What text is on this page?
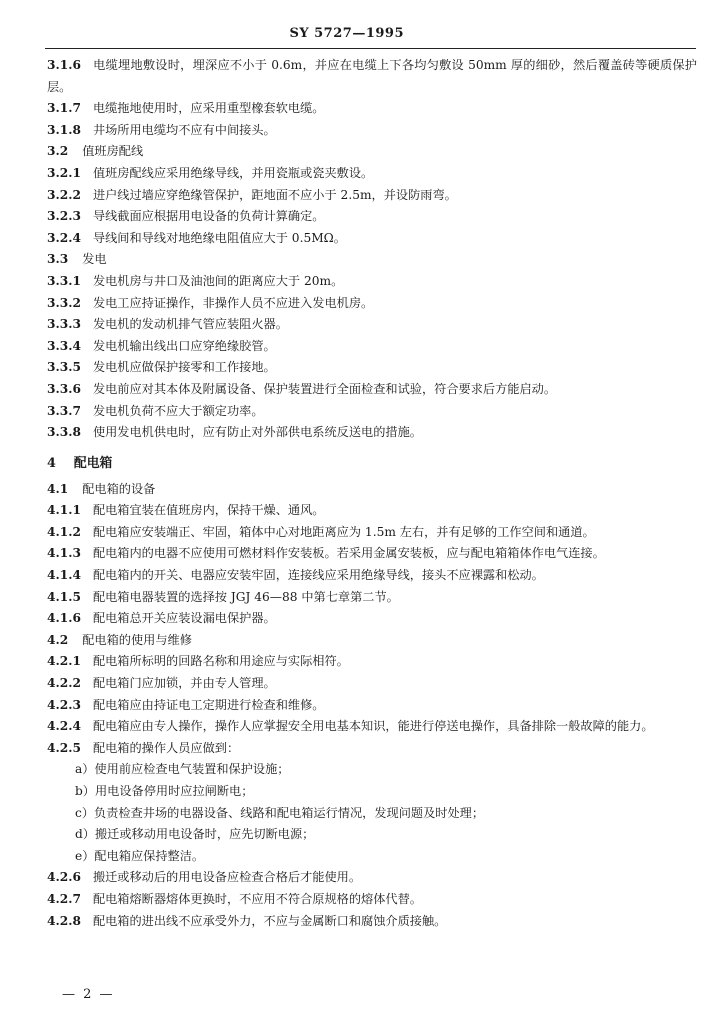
SY 5727—1995
3.1.6 电缆埋地敷设时，埋深应不小于 0.6m，并应在电缆上下各均匀敷设 50mm 厚的细砂，然后覆盖砖等硬质保护层。
3.1.7 电缆拖地使用时，应采用重型橡套软电缆。
3.1.8 井场所用电缆均不应有中间接头。
3.2 值班房配线
3.2.1 值班房配线应采用绝缘导线，并用瓷瓶或瓷夹敷设。
3.2.2 进户线过墙应穿绝缘管保护，距地面不应小于 2.5m，并设防雨弯。
3.2.3 导线截面应根据用电设备的负荷计算确定。
3.2.4 导线间和导线对地绝缘电阻值应大于 0.5MΩ。
3.3 发电
3.3.1 发电机房与井口及油池间的距离应大于 20m。
3.3.2 发电工应持证操作，非操作人员不应进入发电机房。
3.3.3 发电机的发动机排气管应装阻火器。
3.3.4 发电机输出线出口应穿绝缘胶管。
3.3.5 发电机应做保护接零和工作接地。
3.3.6 发电前应对其本体及附属设备、保护装置进行全面检查和试验，符合要求后方能启动。
3.3.7 发电机负荷不应大于额定功率。
3.3.8 使用发电机供电时，应有防止对外部供电系统反送电的措施。
4 配电箱
4.1 配电箱的设备
4.1.1 配电箱宜装在值班房内，保持干燥、通风。
4.1.2 配电箱应安装端正、牢固，箱体中心对地距离应为 1.5m 左右，并有足够的工作空间和通道。
4.1.3 配电箱内的电器不应使用可燃材料作安装板。若采用金属安装板，应与配电箱箱体作电气连接。
4.1.4 配电箱内的开关、电器应安装牢固，连接线应采用绝缘导线，接头不应裸露和松动。
4.1.5 配电箱电器装置的选择按 JGJ 46—88 中第七章第二节。
4.1.6 配电箱总开关应装设漏电保护器。
4.2 配电箱的使用与维修
4.2.1 配电箱所标明的回路名称和用途应与实际相符。
4.2.2 配电箱门应加锁，并由专人管理。
4.2.3 配电箱应由持证电工定期进行检查和维修。
4.2.4 配电箱应由专人操作，操作人应掌握安全用电基本知识，能进行停送电操作，具备排除一般故障的能力。
4.2.5 配电箱的操作人员应做到：
a）使用前应检查电气装置和保护设施；
b）用电设备停用时应拉闸断电；
c）负责检查井场的电器设备、线路和配电箱运行情况，发现问题及时处理；
d）搬迁或移动用电设备时，应先切断电源；
e）配电箱应保持整洁。
4.2.6 搬迁或移动后的用电设备应检查合格后才能使用。
4.2.7 配电箱熔断器熔体更换时，不应用不符合原规格的熔体代替。
4.2.8 配电箱的进出线不应承受外力，不应与金属断口和腐蚀介质接触。
— 2 —
